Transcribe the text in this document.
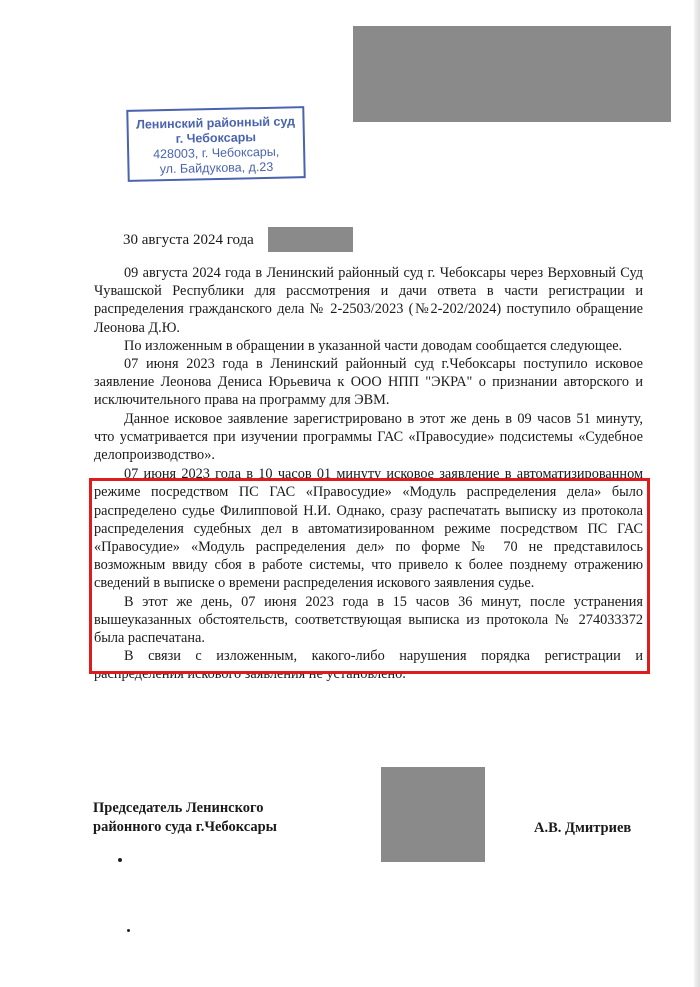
Ленинский районный суд
г. Чебоксары
428003, г. Чебоксары,
ул. Байдукова, д.23
30 августа 2024 года

09 августа 2024 года в Ленинский районный суд г. Чебоксары через Верховный Суд Чувашской Республики для рассмотрения и дачи ответа в части регистрации и распределения гражданского дела № 2-2503/2023 (№2-202/2024) поступило обращение Леонова Д.Ю.

По изложенным в обращении в указанной части доводам сообщается следующее.

07 июня 2023 года в Ленинский районный суд г.Чебоксары поступило исковое заявление Леонова Дениса Юрьевича к ООО НПП "ЭКРА" о признании авторского и исключительного права на программу для ЭВМ.

Данное исковое заявление зарегистрировано в этот же день в 09 часов 51 минуту, что усматривается при изучении программы ГАС «Правосудие» подсистемы «Судебное делопроизводство».

07 июня 2023 года в 10 часов 01 минуту исковое заявление в автоматизированном режиме посредством ПС ГАС «Правосудие» «Модуль распределения дела» было распределено судье Филипповой Н.И. Однако, сразу распечатать выписку из протокола распределения судебных дел в автоматизированном режиме посредством ПС ГАС «Правосудие» «Модуль распределения дел» по форме № 70 не представилось возможным ввиду сбоя в работе системы, что привело к более позднему отражению сведений в выписке о времени распределения искового заявления судье.

В этот же день, 07 июня 2023 года в 15 часов 36 минут, после устранения вышеуказанных обстоятельств, соответствующая выписка из протокола № 274033372 была распечатана.

В связи с изложенным, какого-либо нарушения порядка регистрации и распределения искового заявления не установлено.

Председатель Ленинского
районного суда г.Чебоксары	А.В. Дмитриев
